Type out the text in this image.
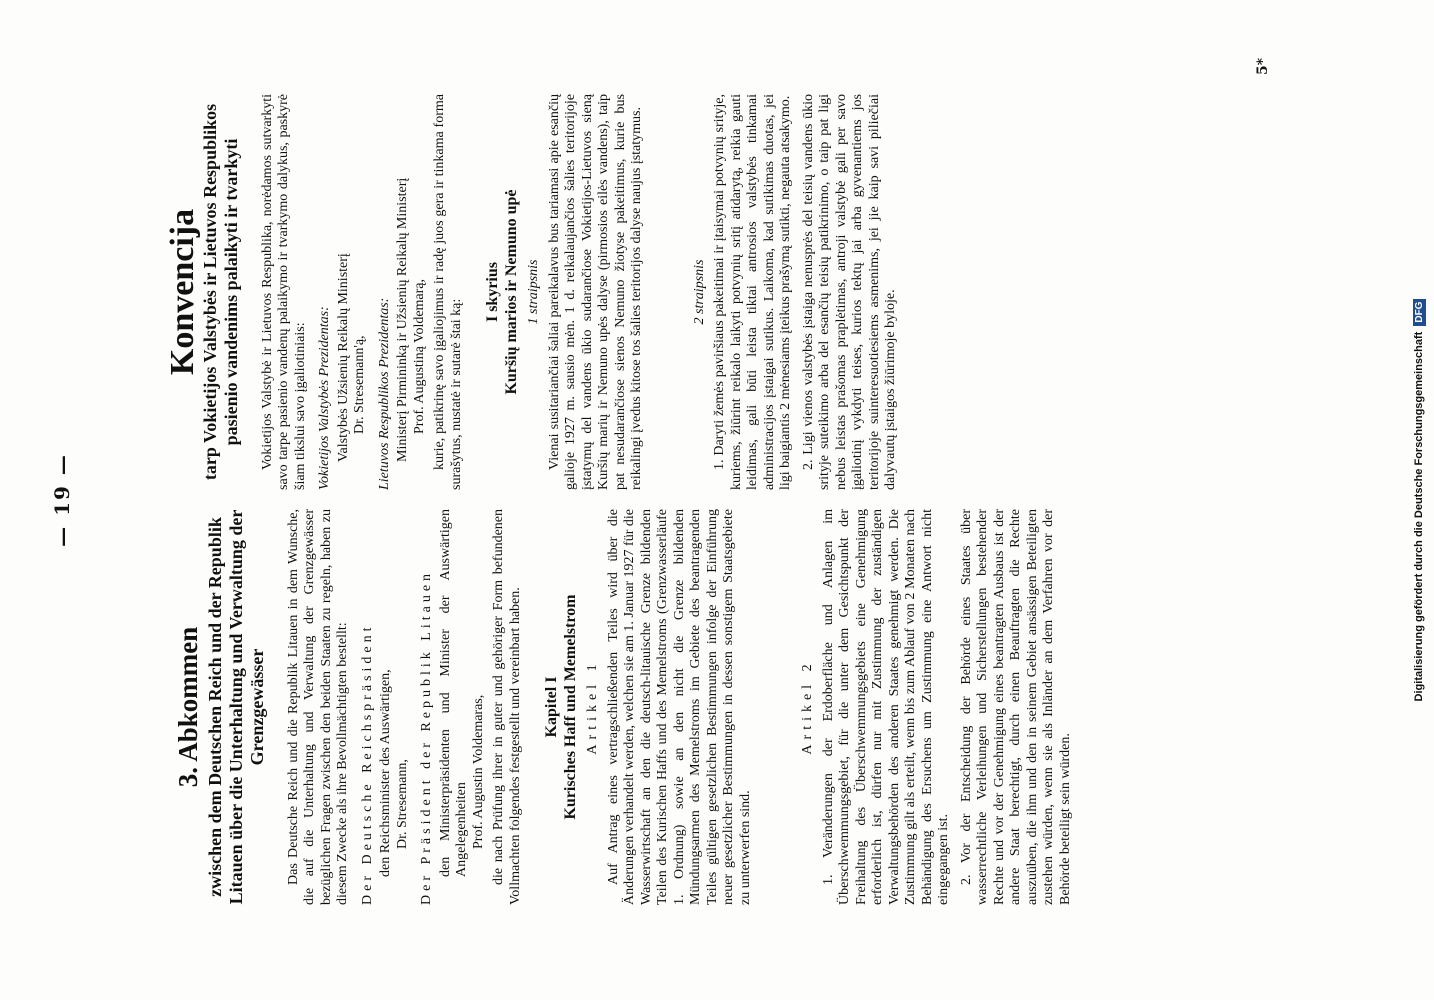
— 19 —
3. Abkommen zwischen dem Deutschen Reich und der Republik Litauen über die Unterhaltung und Verwaltung der Grenzgewässer Das Deutsche Reich und die Republik Litauen in dem Wunsche, die auf die Unterhaltung und Verwaltung der Grenzgewässer bezüglichen Fragen zwischen den beiden Staaten zu regeln, haben zu diesem Zwecke als ihre Bevollmächtigten bestellt: Der Deutsche Reichspräsident den Reichsminister des Auswärtigen, Dr. Stresemann, Der Präsident der Republik Litauen den Ministerpräsidenten und Minister der Auswärtigen Angelegenheiten Prof. Augustin Voldemaras, die nach Prüfung ihrer in guter und gehöriger Form befundenen Vollmachten folgendes festgestellt und vereinbart haben. Kapitel I Kurisches Haff und Memelstrom Artikel 1 Auf Antrag eines vertragschließenden Teiles wird über die Änderungen verhandelt werden, welchen sie am 1. Januar 1927 für die Wasserwirtschaft an den die deutsch-litauische Grenze bildenden Teilen des Kurischen Haffs und des Memelstroms (Grenzwasserläufe 1. Ordnung) sowie an den nicht die Grenze bildenden Mündungsarmen des Memelstroms im Gebiete des beantragenden Teiles gültigen gesetzlichen Bestimmungen infolge der Einführung neuer gesetzlicher Bestimmungen in dessen sonstigem Staatsgebiete zu unterwerfen sind.

Artikel 2 1. Veränderungen der Erdoberfläche und Anlagen im Überschwemmungsgebiet, für die unter dem Gesichtspunkt der Freihaltung des Überschwemmungsgebiets eine Genehmigung erforderlich ist, dürfen nur mit Zustimmung der zuständigen Verwaltungsbehörden des anderen Staates genehmigt werden. Die Zustimmung gilt als erteilt, wenn bis zum Ablauf von 2 Monaten nach Behändigung des Ersuchens um Zustimmung eine Antwort nicht eingegangen ist. 2. Vor der Entscheidung der Behörde eines Staates über wasserrechtliche Verleihungen und Sicherstellungen bestehender Rechte und vor der Genehmigung eines beantragten Ausbaus ist der andere Staat berechtigt, durch einen Beauftragten die Rechte auszuüben, die ihm und den in seinem Gebiet ansässigen Beteiligten zustehen würden, wenn sie als Inländer an dem Verfahren vor der Behörde beteiligt sein würden.

Konvencija
tarp Vokietijos Valstybės ir Lietuvos Respublikos pasienio vandenims palaikyti ir tvarkyti Vokietijos Valstybė ir Lietuvos Respublika, norėdamos sutvarkyti savo tarpe pasienio vandenų palaikymo ir tvarkymo dalykus, paskyrė šiam tikslui savo įgaliotiniais: Vokietijos Valstybės Prezidentas: Valstybės Užsienių Reikalų Ministerį Dr. Stresemann'ą, Lietuvos Respublikos Prezidentas: Ministerį Pirmininką ir Užsienių Reikalų Ministerį Prof. Augustiną Voldemarą, kurie, patikrinę savo įgaliojimus ir radę juos gera ir tinkama forma surašytus, nustatė ir sutarė štai ką:

I skyrius Kuršių marios ir Nemuno upė 1 straipsnis Vienai susitariančiai šaliai pareikalavus bus tariamasi apie esančių galioje 1927 m. sausio mėn. 1 d. reikalaujančios šalies teritorijoje įstatymų del vandens ūkio sudarančiose Vokietijos-Lietuvos sieną Kuršių marių ir Nemuno upės dalyse (pirmosios eilės vandens), taip pat nesudarančiose sienos Nemuno žiotyse pakeitimus, kurie bus reikalingi įvedus kitose tos šalies teritorijos dalyse naujus įstatymus.	2 straipsnis 1. Daryti žemės paviršiaus pakeitimai ir įtaisymai potvynių srityje, kuriems, žiūrint reikalo laikyti potvynių sritį atidarytą, reikia gauti leidimas, gali būti leista tiktai antrosios valstybės tinkamai administracijos įstaigai sutikus. Laikoma, kad sutikimas duotas, jei ligi baigiantis 2 mėnesiams įteikus prašymą sutikti, negauta atsakymo. 2. Ligi vienos valstybės įstaiga nenusprės del teisių vandens ūkio srityje suteikimo arba del esančių teisių patikrinimo, o taip pat ligi nebus leistas prašomas praplėtimas, antroji valstybė gali per savo įgaliotinį vykdyti teises, kurios tektų jai arba gyvenantiems jos teritorijoje suinteresuotiesiems asmenims, jei jie kaip savi piliečiai dalyvautų įstaigos žiūrimoje byloje.

5*
Digitalisierung gefördert durch die Deutsche Forschungsgemeinschaft
DFG
